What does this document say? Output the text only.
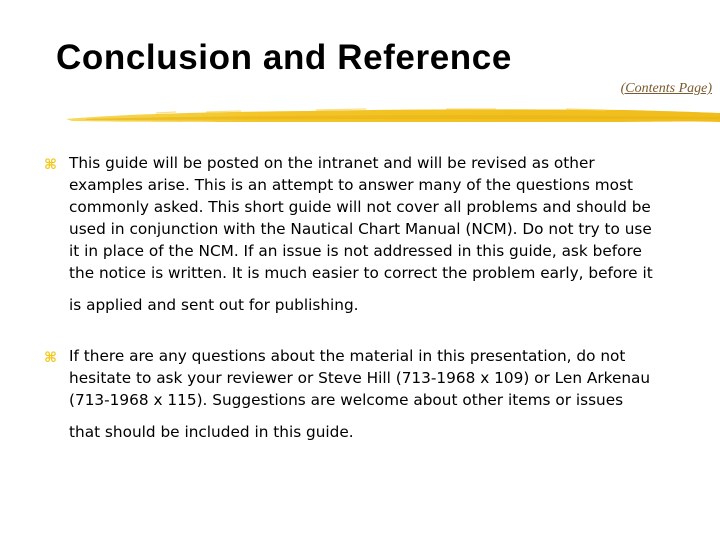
Conclusion and Reference
(Contents Page)
⌘ This guide will be posted on the intranet and will be revised as other

examples arise. This is an attempt to answer many of the questions most

commonly asked. This short guide will not cover all problems and should be

used in conjunction with the Nautical Chart Manual (NCM). Do not try to use

it in place of the NCM. If an issue is not addressed in this guide, ask before

the notice is written. It is much easier to correct the problem early, before it

is applied and sent out for publishing.

⌘ If there are any questions about the material in this presentation, do not

hesitate to ask your reviewer or Steve Hill (713-1968 x 109) or Len Arkenau

(713-1968 x 115). Suggestions are welcome about other items or issues

that should be included in this guide.
